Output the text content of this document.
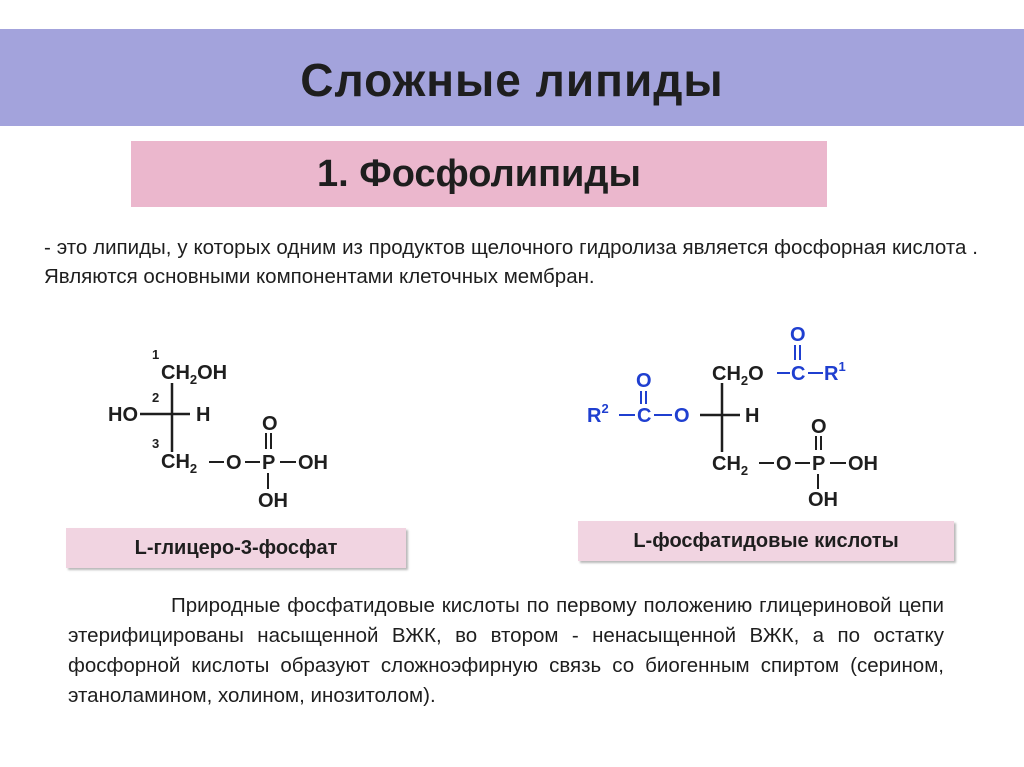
Сложные липиды
1. Фосфолипиды

- это липиды, у которых одним из продуктов щелочного гидролиза является фосфорная кислота . Являются основными компонентами клеточных мембран.

1
2
3
$CH_2OH$
HO	H
$CH_2$ O P
O
OH
OH
$CH_2O$ C
O
$R^1$
H
O
C
O
$R^2$
$CH_2$ O P
O
OH
OH
L-глицеро-3-фосфат	L-фосфатидовые кислоты

Природные фосфатидовые кислоты по первому положению глицериновой цепи этерифицированы насыщенной ВЖК, во втором - ненасыщенной ВЖК, а по остатку фосфорной кислоты образуют сложноэфирную связь со биогенным спиртом (серином, этаноламином, холином, инозитолом).
